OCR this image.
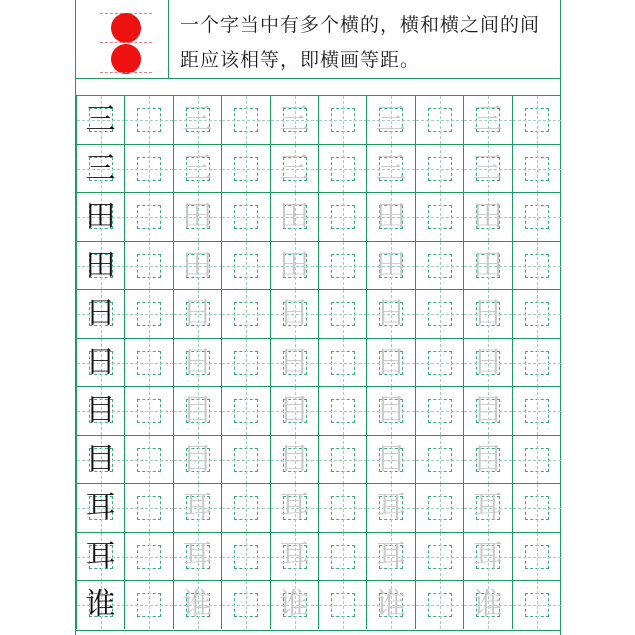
一个字当中有多个横的，横和横之间的间距应该相等，即横画等距。
三 三 三 三 三
三 三 三 三 三
田 田 田 田 田
田 田 田 田 田
日 日 日 日 日
日 日 日 日 日
目 目 目 目 目
目 目 目 目 目
耳 耳 耳 耳 耳
耳 耳 耳 耳 耳
谁 谁 谁 谁 谁
